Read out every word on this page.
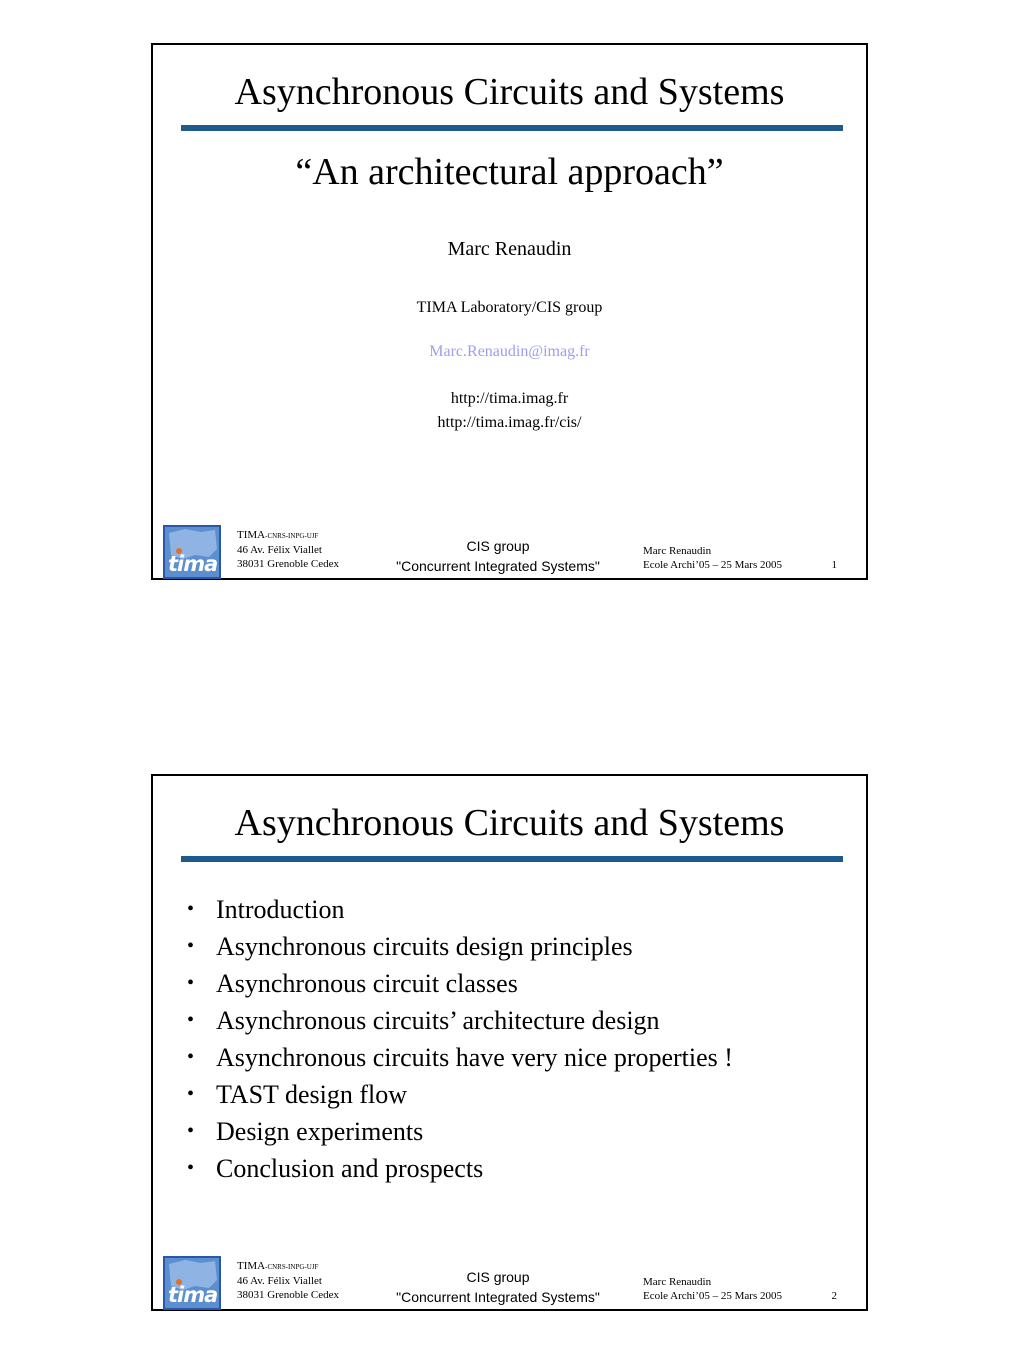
Asynchronous Circuits and Systems
“An architectural approach”
Marc Renaudin
TIMA Laboratory/CIS group
Marc.Renaudin@imag.fr
http://tima.imag.fr
http://tima.imag.fr/cis/
tima
TIMA-CNRS-INPG-UJF
46 Av. Félix Viallet
38031 Grenoble Cedex
CIS group
"Concurrent Integrated Systems"
Marc Renaudin
Ecole Archi’05 – 25 Mars 2005	1
Asynchronous Circuits and Systems
• Introduction
• Asynchronous circuits design principles
• Asynchronous circuit classes
• Asynchronous circuits’ architecture design
• Asynchronous circuits have very nice properties !
• TAST design flow
• Design experiments
• Conclusion and prospects
tima
TIMA-CNRS-INPG-UJF
46 Av. Félix Viallet
38031 Grenoble Cedex
CIS group
"Concurrent Integrated Systems"
Marc Renaudin
Ecole Archi’05 – 25 Mars 2005	2
